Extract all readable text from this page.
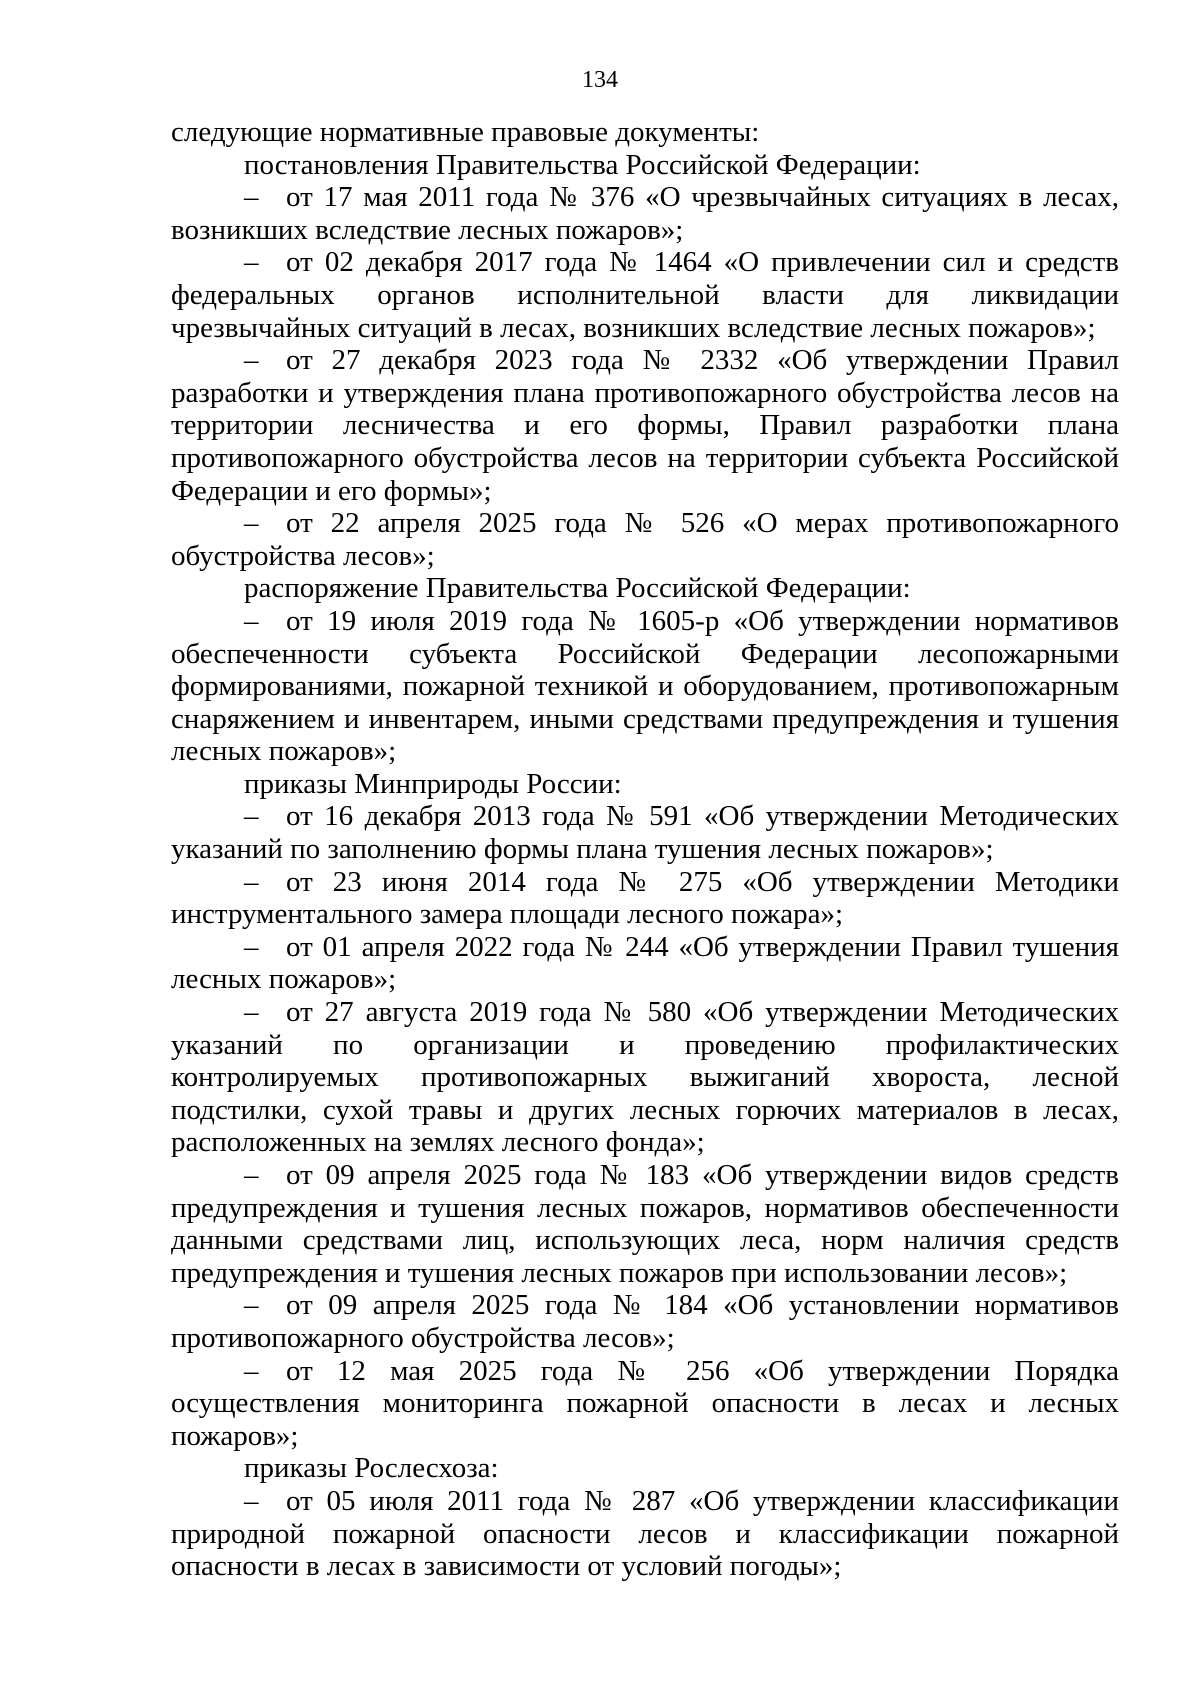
134

следующие нормативные правовые документы:

постановления Правительства Российской Федерации:

– от 17 мая 2011 года № 376 «О чрезвычайных ситуациях в лесах, возникших вследствие лесных пожаров»;

– от 02 декабря 2017 года № 1464 «О привлечении сил и средств федеральных органов исполнительной власти для ликвидации чрезвычайных ситуаций в лесах, возникших вследствие лесных пожаров»;

– от 27 декабря 2023 года № 2332 «Об утверждении Правил разработки и утверждения плана противопожарного обустройства лесов на территории лесничества и его формы, Правил разработки плана противопожарного обустройства лесов на территории субъекта Российской Федерации и его формы»;

– от 22 апреля 2025 года № 526 «О мерах противопожарного обустройства лесов»;

распоряжение Правительства Российской Федерации:

– от 19 июля 2019 года № 1605-р «Об утверждении нормативов обеспеченности субъекта Российской Федерации лесопожарными формированиями, пожарной техникой и оборудованием, противопожарным снаряжением и инвентарем, иными средствами предупреждения и тушения лесных пожаров»;

приказы Минприроды России:

– от 16 декабря 2013 года № 591 «Об утверждении Методических указаний по заполнению формы плана тушения лесных пожаров»;

– от 23 июня 2014 года № 275 «Об утверждении Методики инструментального замера площади лесного пожара»;

– от 01 апреля 2022 года № 244 «Об утверждении Правил тушения лесных пожаров»;

– от 27 августа 2019 года № 580 «Об утверждении Методических указаний по организации и проведению профилактических контролируемых противопожарных выжиганий хвороста, лесной подстилки, сухой травы и других лесных горючих материалов в лесах, расположенных на землях лесного фонда»;

– от 09 апреля 2025 года № 183 «Об утверждении видов средств предупреждения и тушения лесных пожаров, нормативов обеспеченности данными средствами лиц, использующих леса, норм наличия средств предупреждения и тушения лесных пожаров при использовании лесов»;

– от 09 апреля 2025 года № 184 «Об установлении нормативов противопожарного обустройства лесов»;

– от 12 мая 2025 года № 256 «Об утверждении Порядка осуществления мониторинга пожарной опасности в лесах и лесных пожаров»;

приказы Рослесхоза:

– от 05 июля 2011 года № 287 «Об утверждении классификации природной пожарной опасности лесов и классификации пожарной опасности в лесах в зависимости от условий погоды»;
